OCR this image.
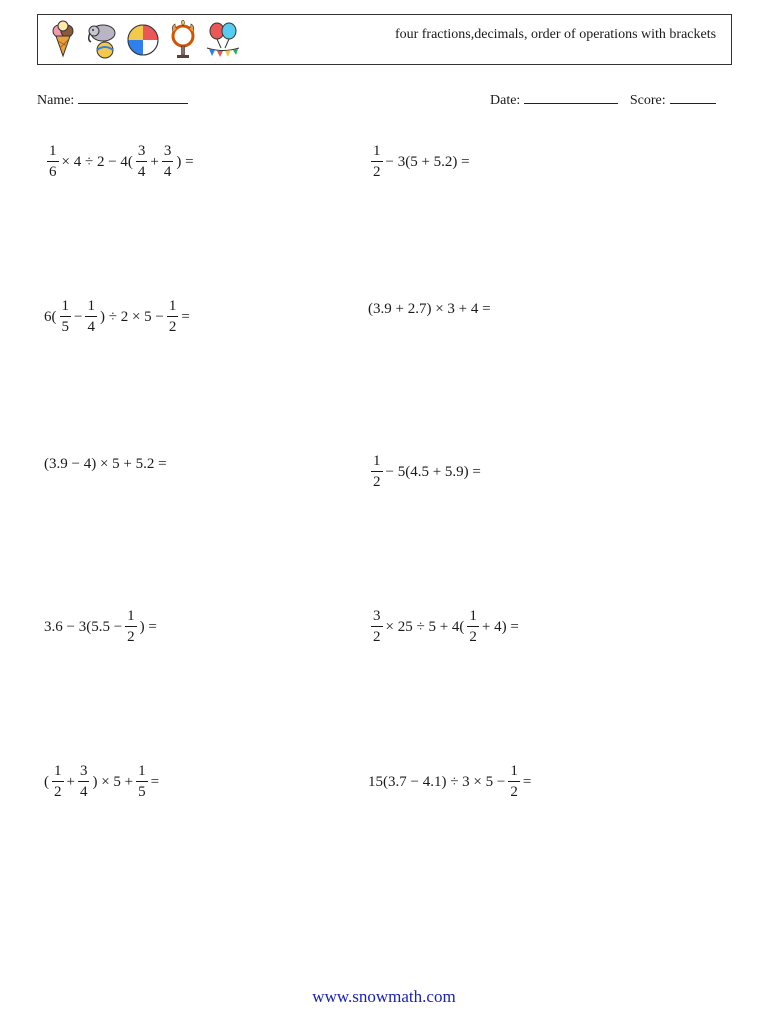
four fractions,decimals, order of operations with brackets
Name:	Date:	Score:
$\frac{1}{6} \times 4 \div 2 - 4( \frac{3}{4} + \frac{3}{4}$ ) =	$\frac{1}{2} - 3(5 + 5.2)$ =
$6( \frac{1}{5} - \frac{1}{4}$ ) ÷ $2 \times 5 - \frac{1}{2}$ =	(3.9 + 2.7) × 3 + 4 =
(3.9 − 4) × 5 + 5.2 =	$\frac{1}{2} - 5(4.5 + 5.9)$ =
$3.6 - 3(5.5 - \frac{1}{2}$ ) =	$\frac{3}{2} \times 25 \div 5 + 4( \frac{1}{2} + 4)$ =
( $\frac{1}{2} + \frac{3}{4}$ ) × $5 + \frac{1}{5}$ =	$15(3.7 - 4.1) \div 3 \times 5 - \frac{1}{2}$ =
www.snowmath.com
